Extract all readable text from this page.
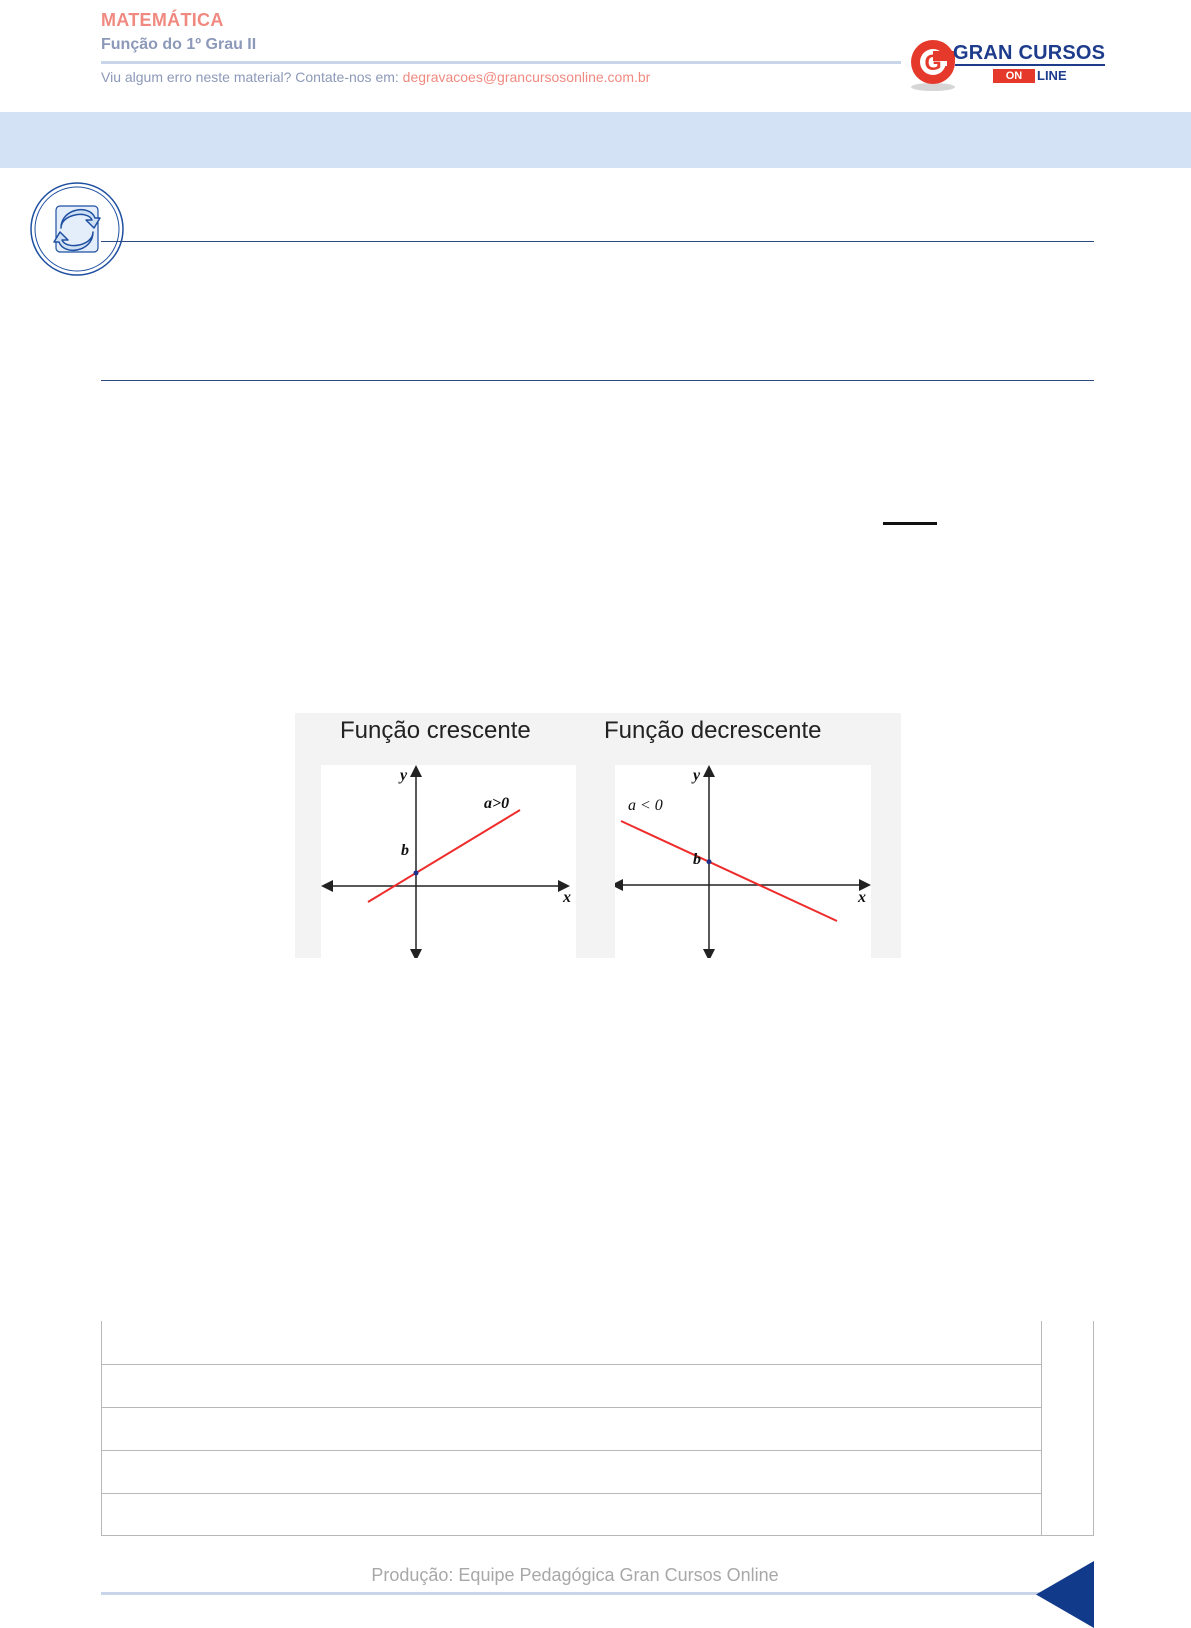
MATEMÁTICA
Função do 1º Grau II
Viu algum erro neste material? Contate-nos em: degravacoes@grancursosonline.com.br
G GRAN CURSOS
ON	LINE
Função crescente	Função decrescente
y
x
b
a>0
y
x
b
a < 0
Produção: Equipe Pedagógica Gran Cursos Online
